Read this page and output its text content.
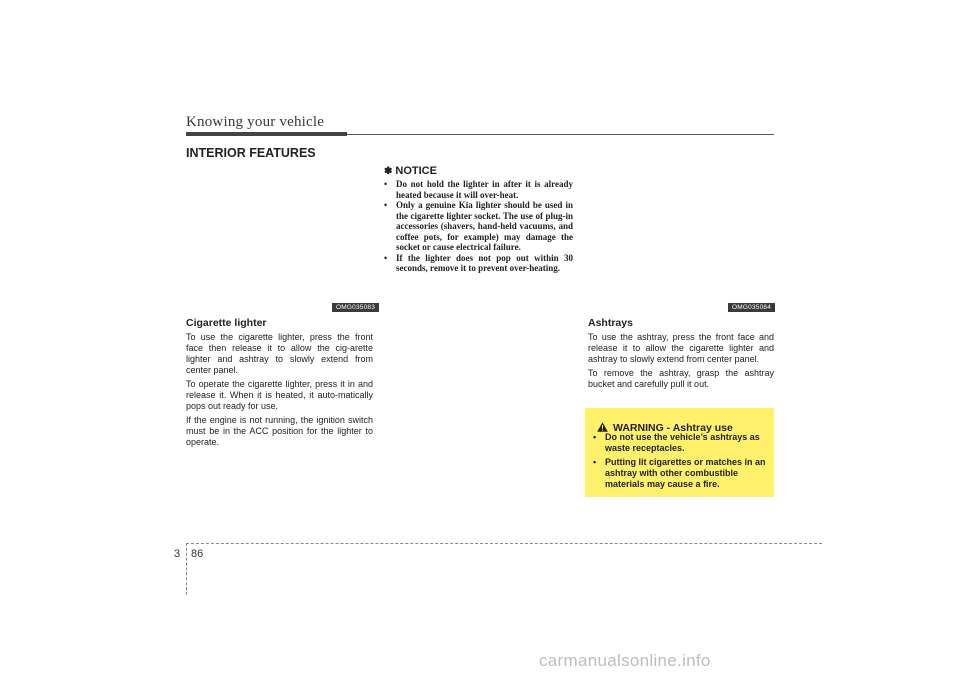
Knowing your vehicle
INTERIOR FEATURES
OMG035083	OMG035084
Cigarette lighter

To use the cigarette lighter, press the front face then release it to allow the cig-arette lighter and ashtray to slowly extend from center panel.

To operate the cigarette lighter, press it in and release it. When it is heated, it auto-matically pops out ready for use.

If the engine is not running, the ignition switch must be in the ACC position for the lighter to operate.

✽ NOTICE
• Do not hold the lighter in after it is already heated because it will over-heat.
• Only a genuine Kia lighter should be used in the cigarette lighter socket. The use of plug-in accessories (shavers, hand-held vacuums, and coffee pots, for example) may damage the socket or cause electrical failure.
• If the lighter does not pop out within 30 seconds, remove it to prevent over-heating.
Ashtrays

To use the ashtray, press the front face and release it to allow the cigarette lighter and ashtray to slowly extend from center panel.

To remove the ashtray, grasp the ashtray bucket and carefully pull it out.

WARNING - Ashtray use
• Do not use the vehicle’s ashtrays as waste receptacles.
• Putting lit cigarettes or matches in an ashtray with other combustible materials may cause a fire.
3 86
carmanualsonline.info
